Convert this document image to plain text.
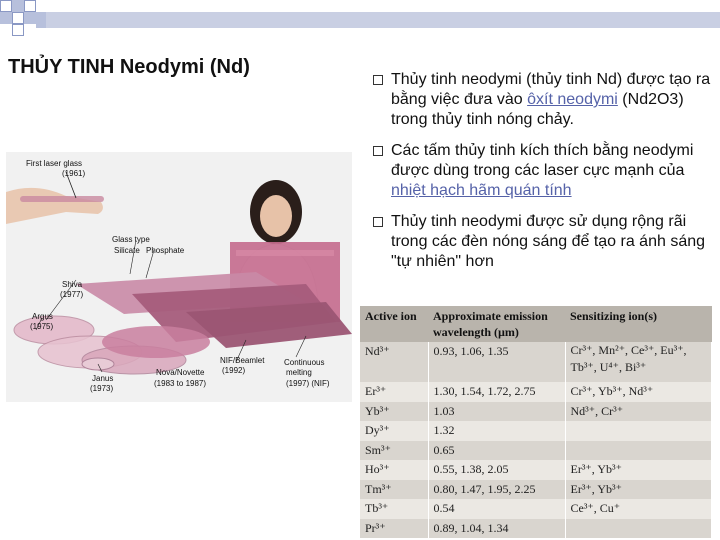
THỦY TINH Neodymi (Nd)
Thủy tinh neodymi (thủy tinh Nd) được tạo ra bằng việc đưa vào ôxít neodymi (Nd2O3) trong thủy tinh nóng chảy.
Các tấm thủy tinh kích thích bằng neodymi được dùng trong các laser cực mạnh của nhiệt hạch hãm quán tính
Thủy tinh neodymi được sử dụng rộng rãi trong các đèn nóng sáng để tạo ra ánh sáng "tự nhiên" hơn
First laser glass
(1961)
Glass type
Silicate Phosphate
Shiva
(1977)
Argus
(1975)
Janus
(1973)
Nova/Novette
(1983 to 1987)
NIF/Beamlet
(1992)
Continuous
melting
(1997) (NIF)
Active ion	Approximate emission wavelength (µm)	Sensitizing ion(s)
Nd³⁺	0.93, 1.06, 1.35	Cr³⁺, Mn²⁺, Ce³⁺, Eu³⁺, Tb³⁺, U⁴⁺, Bi³⁺
Er³⁺	1.30, 1.54, 1.72, 2.75	Cr³⁺, Yb³⁺, Nd³⁺
Yb³⁺	1.03	Nd³⁺, Cr³⁺
Dy³⁺	1.32	
Sm³⁺	0.65	
Ho³⁺	0.55, 1.38, 2.05	Er³⁺, Yb³⁺
Tm³⁺	0.80, 1.47, 1.95, 2.25	Er³⁺, Yb³⁺
Tb³⁺	0.54	Ce³⁺, Cu⁺
Pr³⁺	0.89, 1.04, 1.34	
